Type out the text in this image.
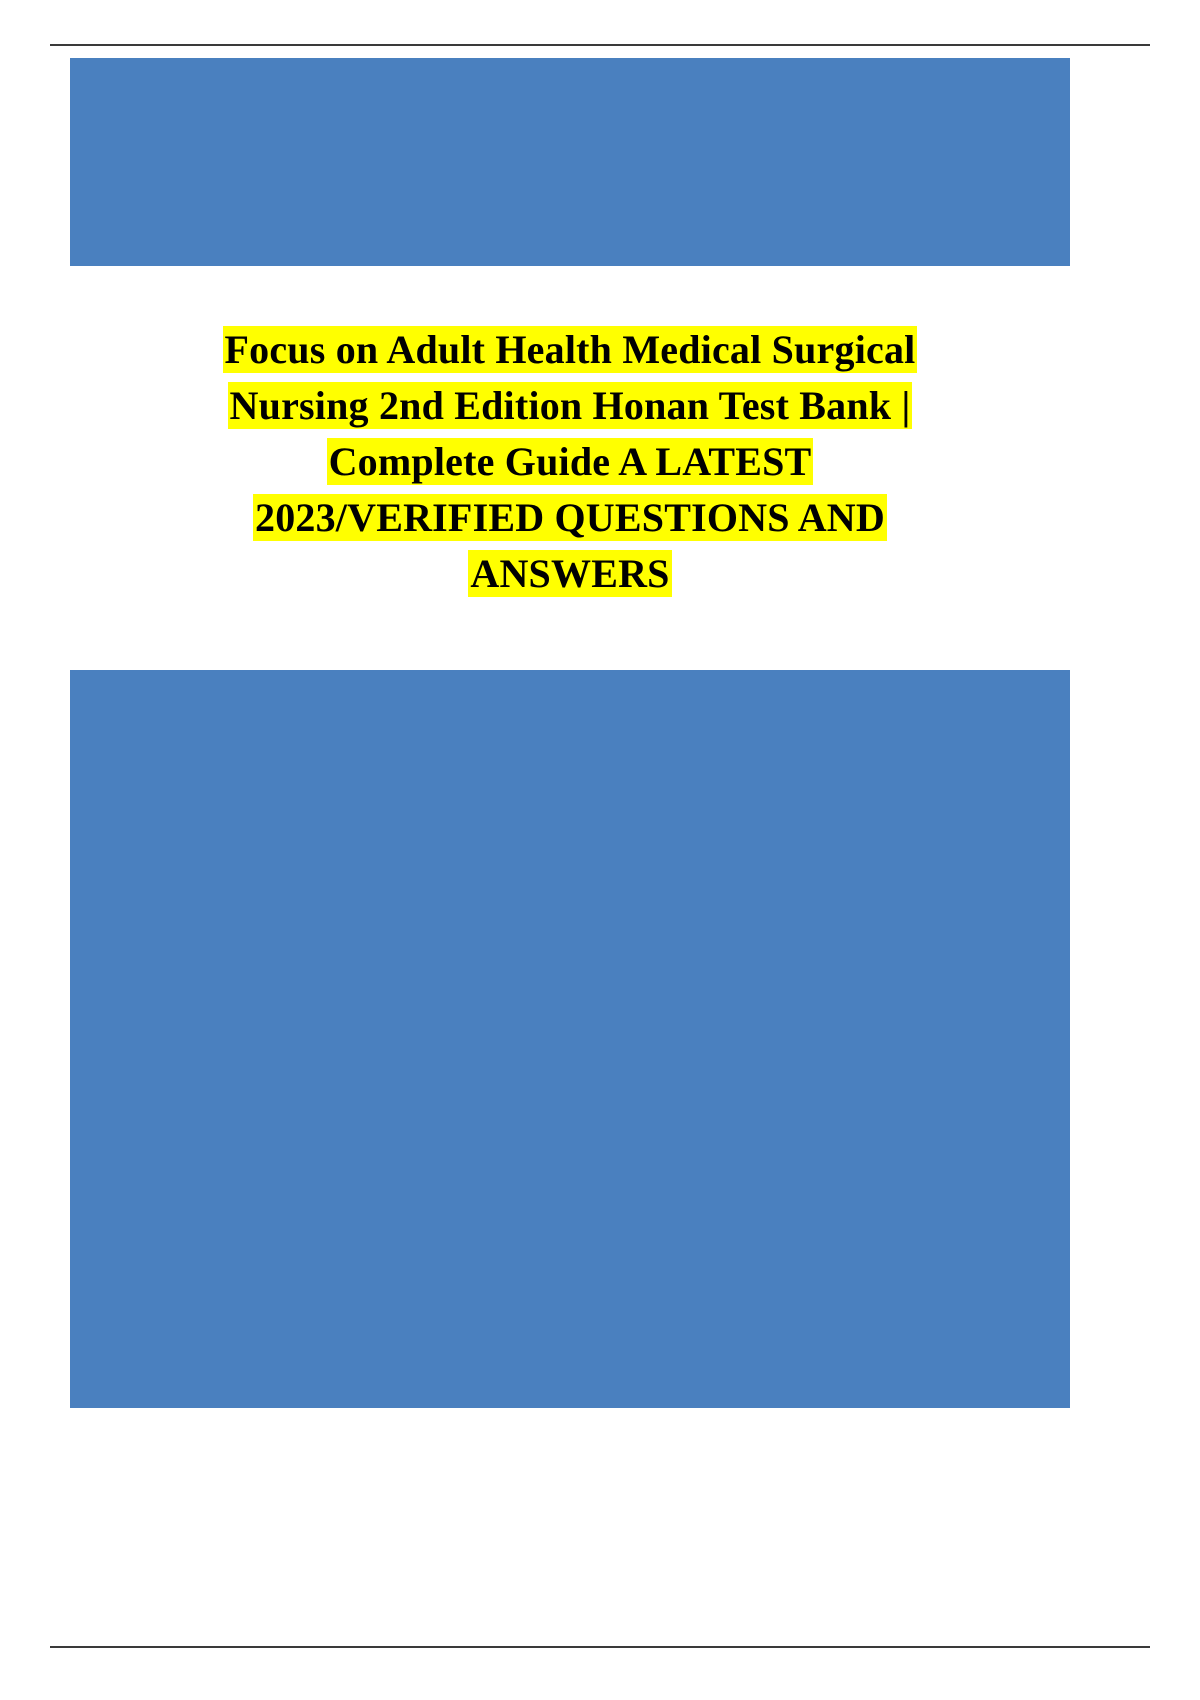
Focus on Adult Health Medical Surgical
Nursing 2nd Edition Honan Test Bank |
Complete Guide A LATEST
2023/VERIFIED QUESTIONS AND
ANSWERS
